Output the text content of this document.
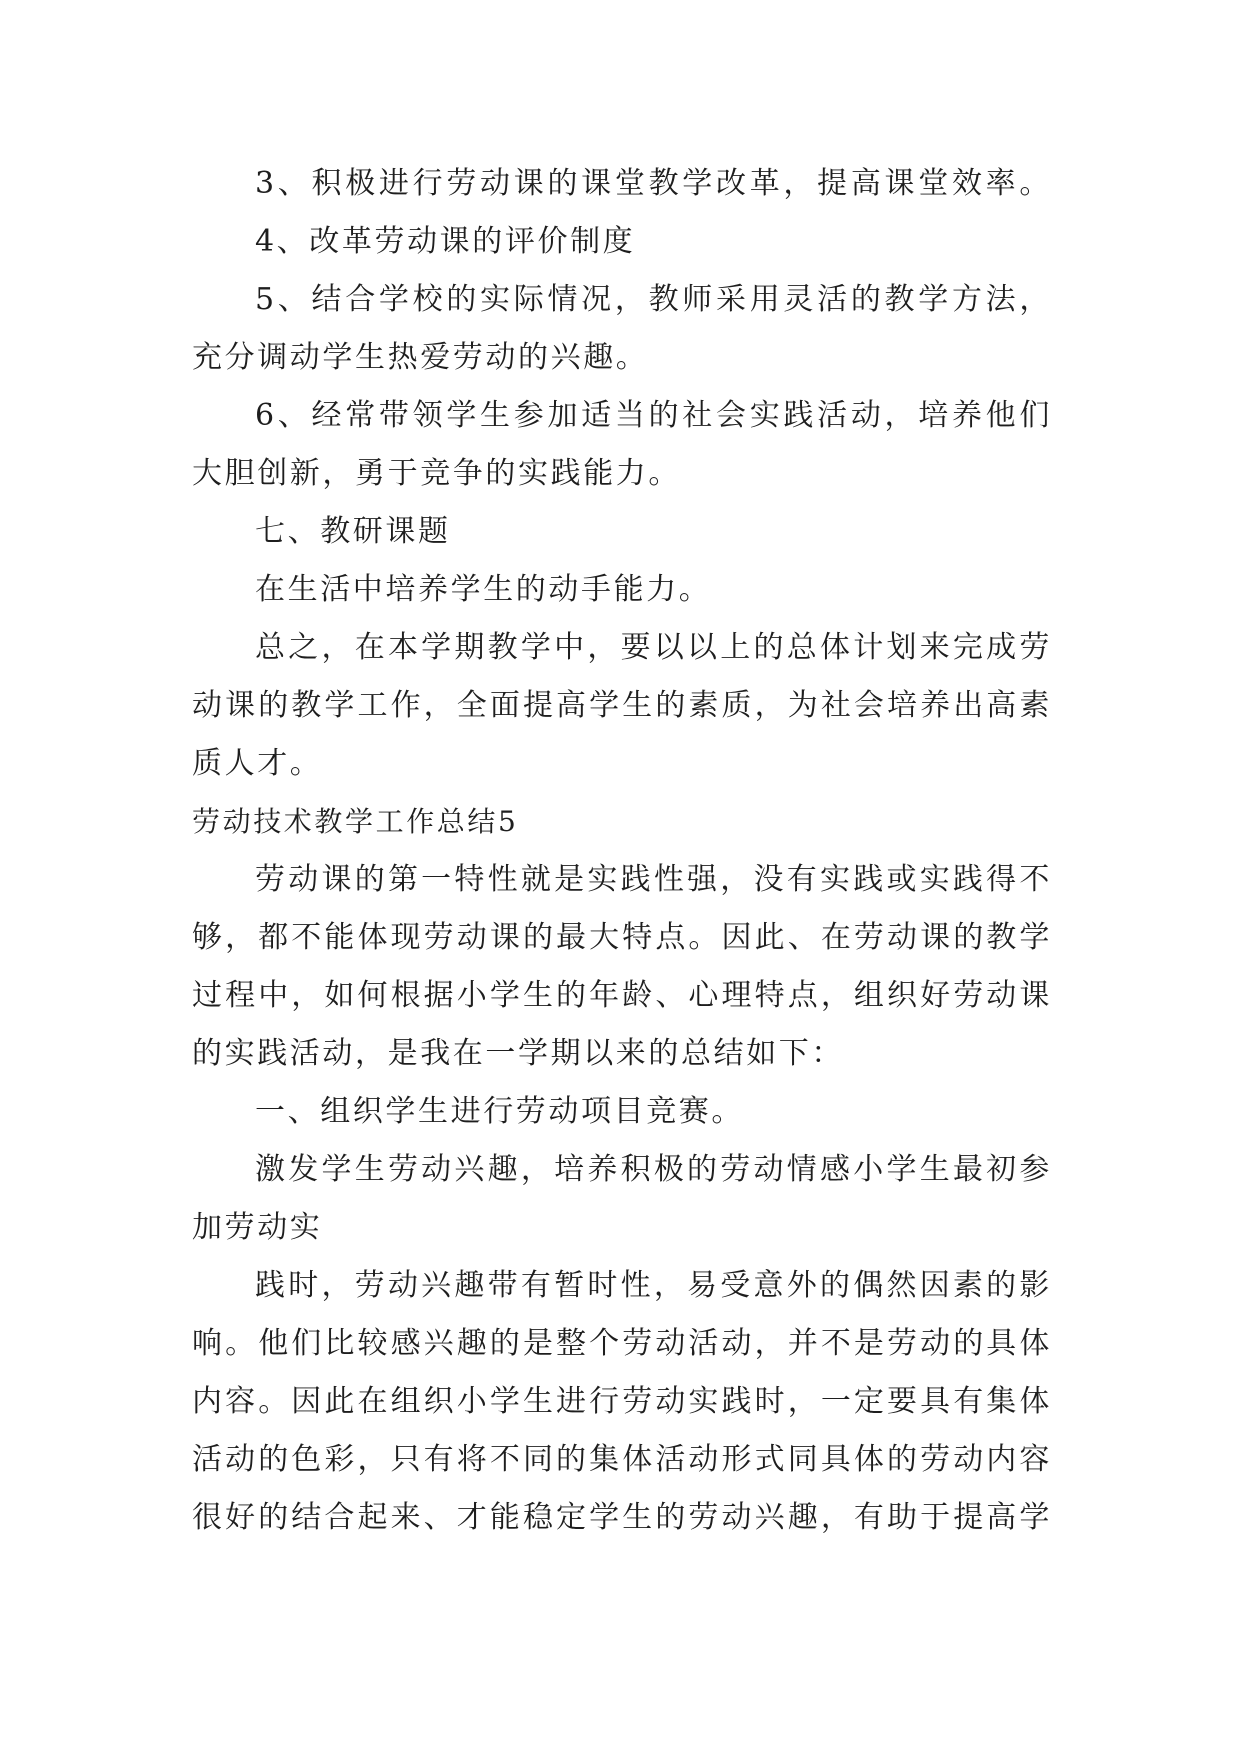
3、积极进行劳动课的课堂教学改革，提高课堂效率。
4、改革劳动课的评价制度
5、结合学校的实际情况，教师采用灵活的教学方法，
充分调动学生热爱劳动的兴趣。
6、经常带领学生参加适当的社会实践活动，培养他们
大胆创新，勇于竞争的实践能力。
七、教研课题
在生活中培养学生的动手能力。
总之，在本学期教学中，要以以上的总体计划来完成劳
动课的教学工作，全面提高学生的素质，为社会培养出高素
质人才。
劳动技术教学工作总结5
劳动课的第一特性就是实践性强，没有实践或实践得不
够，都不能体现劳动课的最大特点。因此、在劳动课的教学
过程中，如何根据小学生的年龄、心理特点，组织好劳动课
的实践活动，是我在一学期以来的总结如下：
一、组织学生进行劳动项目竞赛。
激发学生劳动兴趣，培养积极的劳动情感小学生最初参
加劳动实
践时，劳动兴趣带有暂时性，易受意外的偶然因素的影
响。他们比较感兴趣的是整个劳动活动，并不是劳动的具体
内容。因此在组织小学生进行劳动实践时，一定要具有集体
活动的色彩，只有将不同的集体活动形式同具体的劳动内容
很好的结合起来、才能稳定学生的劳动兴趣，有助于提高学
